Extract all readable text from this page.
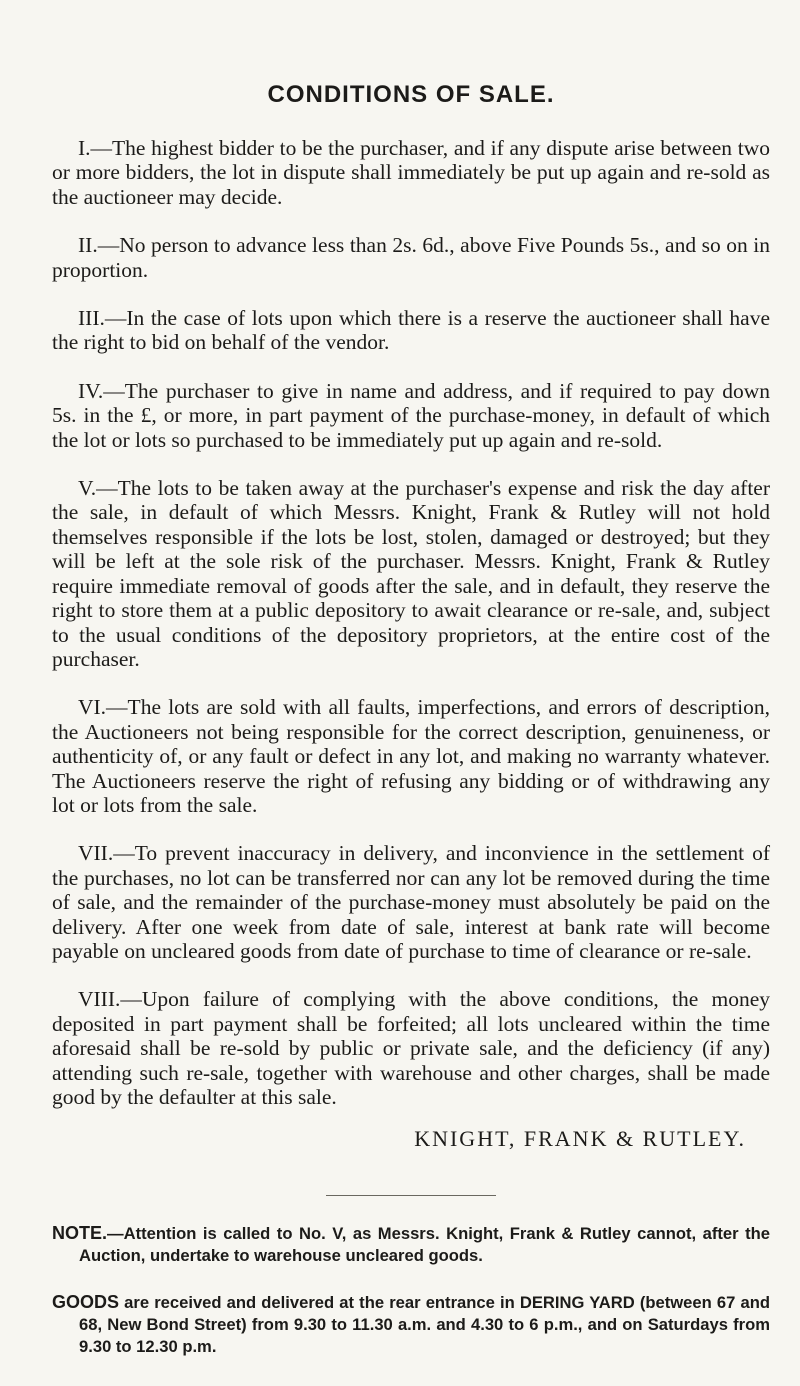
CONDITIONS OF SALE.

I.—The highest bidder to be the purchaser, and if any dispute arise between two or more bidders, the lot in dispute shall immediately be put up again and re-sold as the auctioneer may decide.

II.—No person to advance less than 2s. 6d., above Five Pounds 5s., and so on in proportion.

III.—In the case of lots upon which there is a reserve the auctioneer shall have the right to bid on behalf of the vendor.

IV.—The purchaser to give in name and address, and if required to pay down 5s. in the £, or more, in part payment of the purchase-money, in default of which the lot or lots so purchased to be immediately put up again and re-sold.

V.—The lots to be taken away at the purchaser's expense and risk the day after the sale, in default of which Messrs. Knight, Frank & Rutley will not hold themselves responsible if the lots be lost, stolen, damaged or destroyed; but they will be left at the sole risk of the purchaser. Messrs. Knight, Frank & Rutley require immediate removal of goods after the sale, and in default, they reserve the right to store them at a public depository to await clearance or re-sale, and, subject to the usual conditions of the depository proprietors, at the entire cost of the purchaser.

VI.—The lots are sold with all faults, imperfections, and errors of description, the Auctioneers not being responsible for the correct description, genuineness, or authenticity of, or any fault or defect in any lot, and making no warranty whatever. The Auctioneers reserve the right of refusing any bidding or of withdrawing any lot or lots from the sale.

VII.—To prevent inaccuracy in delivery, and inconvience in the settlement of the purchases, no lot can be transferred nor can any lot be removed during the time of sale, and the remainder of the purchase-money must absolutely be paid on the delivery. After one week from date of sale, interest at bank rate will become payable on uncleared goods from date of purchase to time of clearance or re-sale.

VIII.—Upon failure of complying with the above conditions, the money deposited in part payment shall be forfeited; all lots uncleared within the time aforesaid shall be re-sold by public or private sale, and the deficiency (if any) attending such re-sale, together with warehouse and other charges, shall be made good by the defaulter at this sale.

KNIGHT, FRANK & RUTLEY.

NOTE.—Attention is called to No. V, as Messrs. Knight, Frank & Rutley cannot, after the Auction, undertake to warehouse uncleared goods.

GOODS are received and delivered at the rear entrance in DERING YARD (between 67 and 68, New Bond Street) from 9.30 to 11.30 a.m. and 4.30 to 6 p.m., and on Saturdays from 9.30 to 12.30 p.m.
